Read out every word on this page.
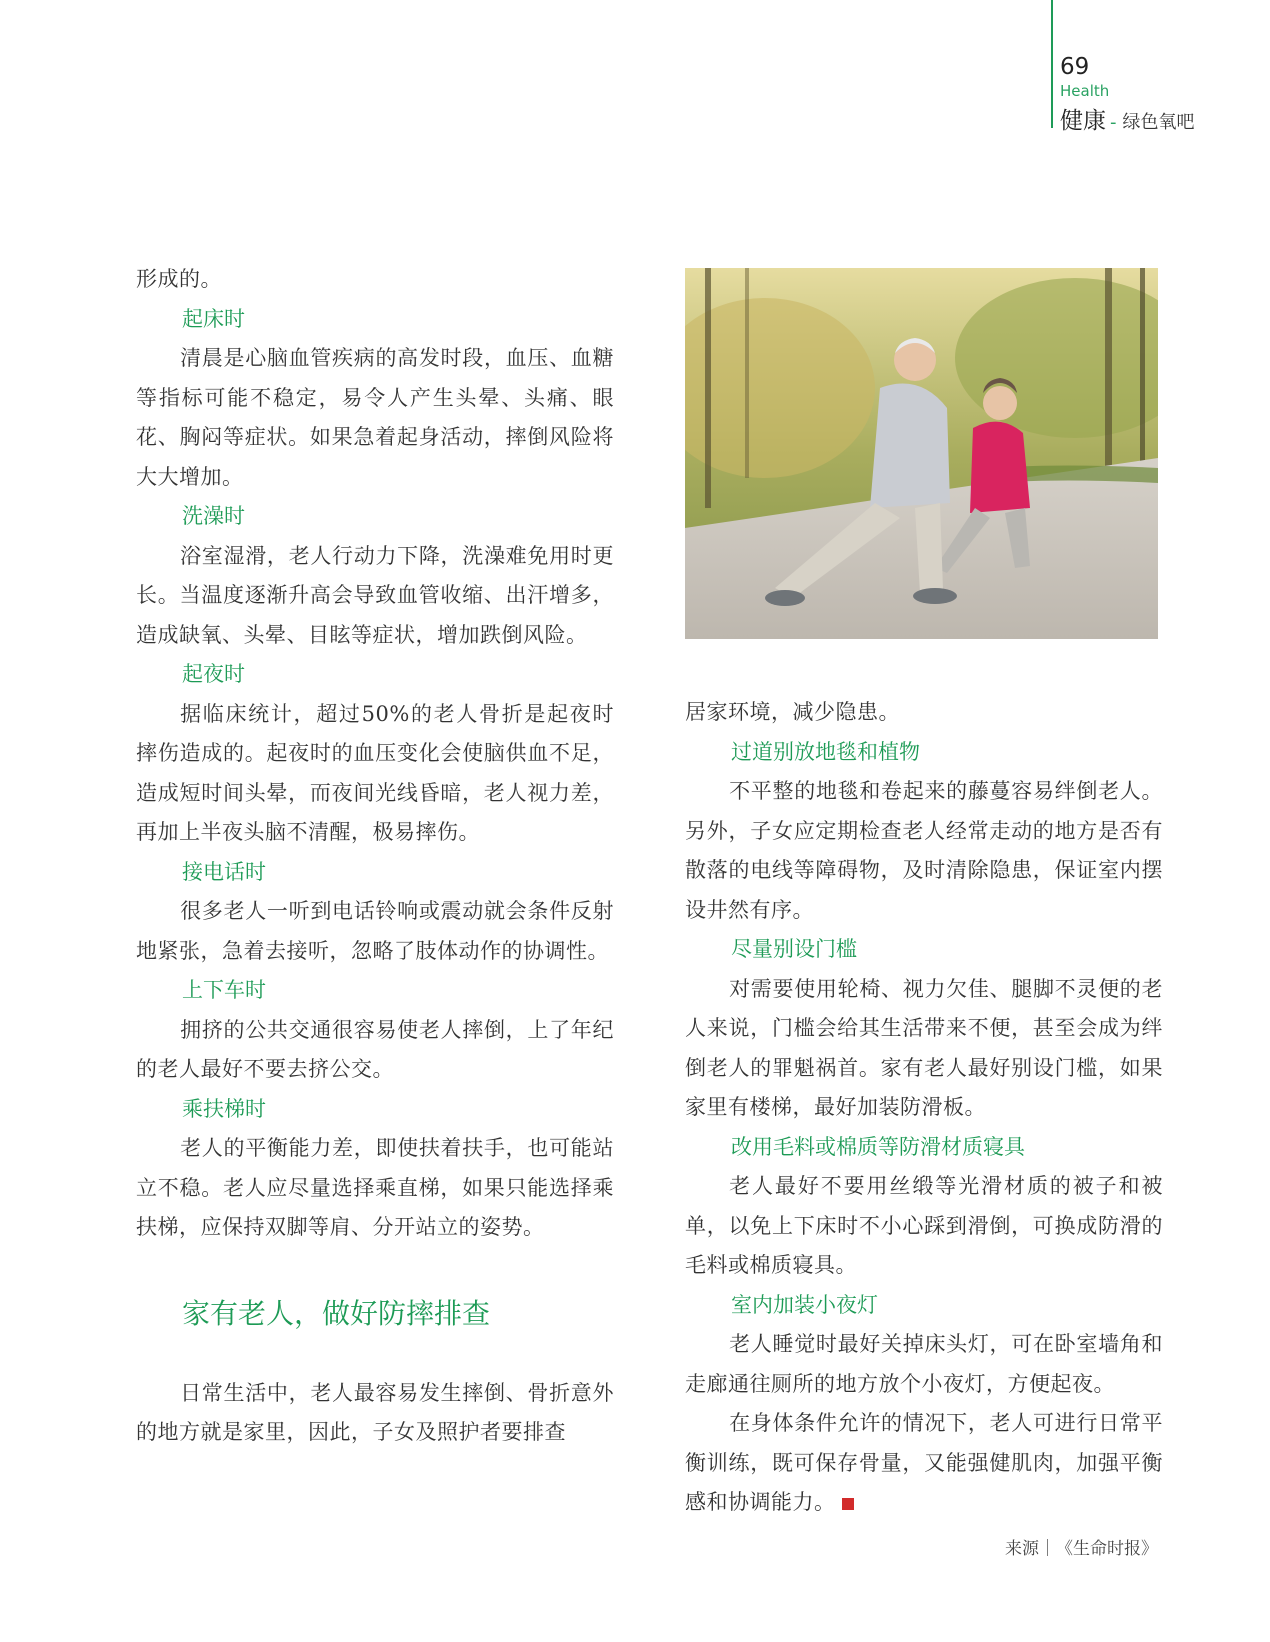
69
Health
健康 - 绿色氧吧

形成的。

起床时

清晨是心脑血管疾病的高发时段，血压、血糖等指标可能不稳定，易令人产生头晕、头痛、眼花、胸闷等症状。如果急着起身活动，摔倒风险将大大增加。

洗澡时

浴室湿滑，老人行动力下降，洗澡难免用时更长。当温度逐渐升高会导致血管收缩、出汗增多，造成缺氧、头晕、目眩等症状，增加跌倒风险。

起夜时

据临床统计，超过50%的老人骨折是起夜时摔伤造成的。起夜时的血压变化会使脑供血不足，造成短时间头晕，而夜间光线昏暗，老人视力差，再加上半夜头脑不清醒，极易摔伤。

接电话时

很多老人一听到电话铃响或震动就会条件反射地紧张，急着去接听，忽略了肢体动作的协调性。

上下车时

拥挤的公共交通很容易使老人摔倒，上了年纪的老人最好不要去挤公交。

乘扶梯时

老人的平衡能力差，即使扶着扶手，也可能站立不稳。老人应尽量选择乘直梯，如果只能选择乘扶梯，应保持双脚等肩、分开站立的姿势。

家有老人，做好防摔排查

日常生活中，老人最容易发生摔倒、骨折意外的地方就是家里，因此，子女及照护者要排查

居家环境，减少隐患。

过道别放地毯和植物

不平整的地毯和卷起来的藤蔓容易绊倒老人。另外，子女应定期检查老人经常走动的地方是否有散落的电线等障碍物，及时清除隐患，保证室内摆设井然有序。

尽量别设门槛

对需要使用轮椅、视力欠佳、腿脚不灵便的老人来说，门槛会给其生活带来不便，甚至会成为绊倒老人的罪魁祸首。家有老人最好别设门槛，如果家里有楼梯，最好加装防滑板。

改用毛料或棉质等防滑材质寝具

老人最好不要用丝缎等光滑材质的被子和被单，以免上下床时不小心踩到滑倒，可换成防滑的毛料或棉质寝具。

室内加装小夜灯

老人睡觉时最好关掉床头灯，可在卧室墙角和走廊通往厕所的地方放个小夜灯，方便起夜。

在身体条件允许的情况下，老人可进行日常平衡训练，既可保存骨量，又能强健肌肉，加强平衡感和协调能力。

来源｜《生命时报》
